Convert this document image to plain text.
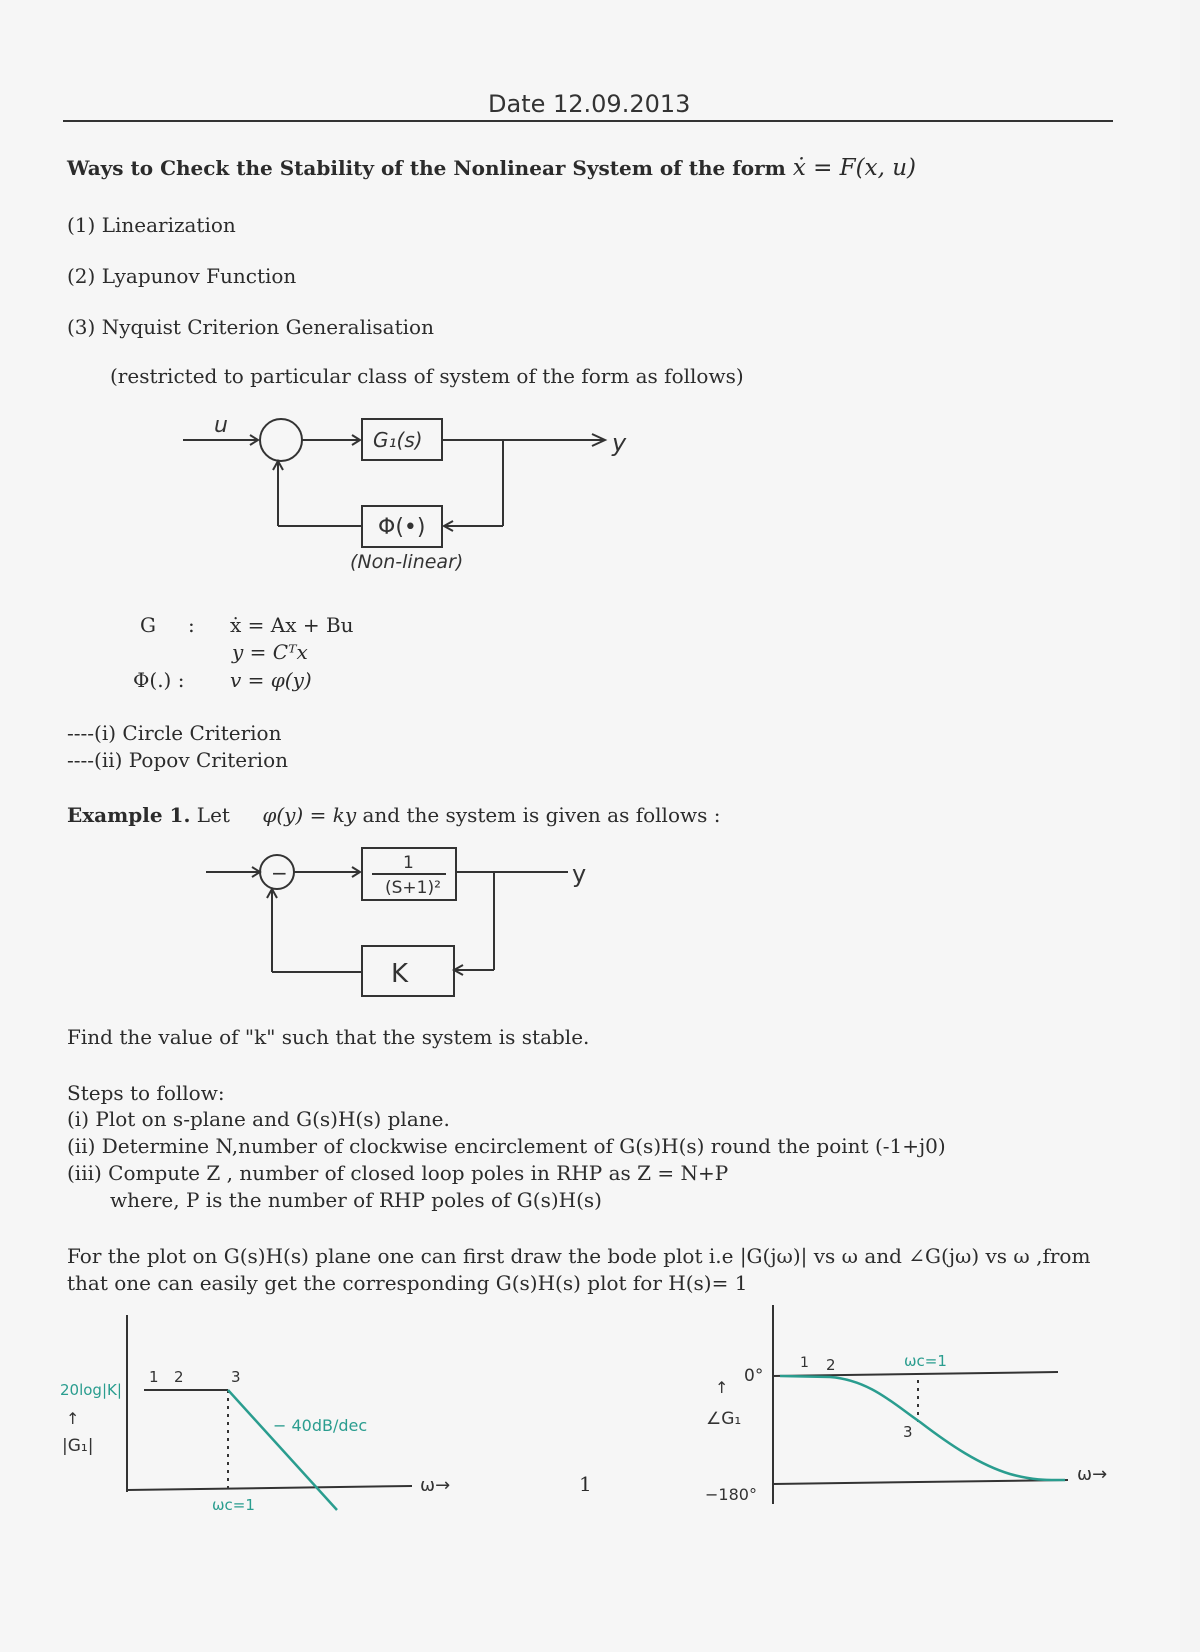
Date 12.09.2013
Ways to Check the Stability of the Nonlinear System of the form ẋ = F(x, u)
(1) Linearization
(2) Lyapunov Function
(3) Nyquist Criterion Generalisation
(restricted to particular class of system of the form as follows)
u
G₁(s)	y
Φ(•)
(Non-linear)
G : ẋ = Ax + Bu
y = Cᵀx
Φ(.) : v = φ(y)
----(i) Circle Criterion
----(ii) Popov Criterion
Example 1. Let φ(y) = ky and the system is given as follows :
−	1
(S+1)²	y
K
Find the value of "k" such that the system is stable.
Steps to follow:
(i) Plot on s-plane and G(s)H(s) plane.
(ii) Determine N,number of clockwise encirclement of G(s)H(s) round the point (-1+j0)
(iii) Compute Z , number of closed loop poles in RHP as Z = N+P
where, P is the number of RHP poles of G(s)H(s)
For the plot on G(s)H(s) plane one can first draw the bode plot i.e |G(jω)| vs ω and ∠G(jω) vs ω ,from
that one can easily get the corresponding G(s)H(s) plot for H(s)= 1
20log|K|
↑
|G₁|
1 2	3
− 40dB/dec
ω→
ωc=1
1
0°
↑
∠G₁
−180°
1 2	ωc=1
3
ω→
